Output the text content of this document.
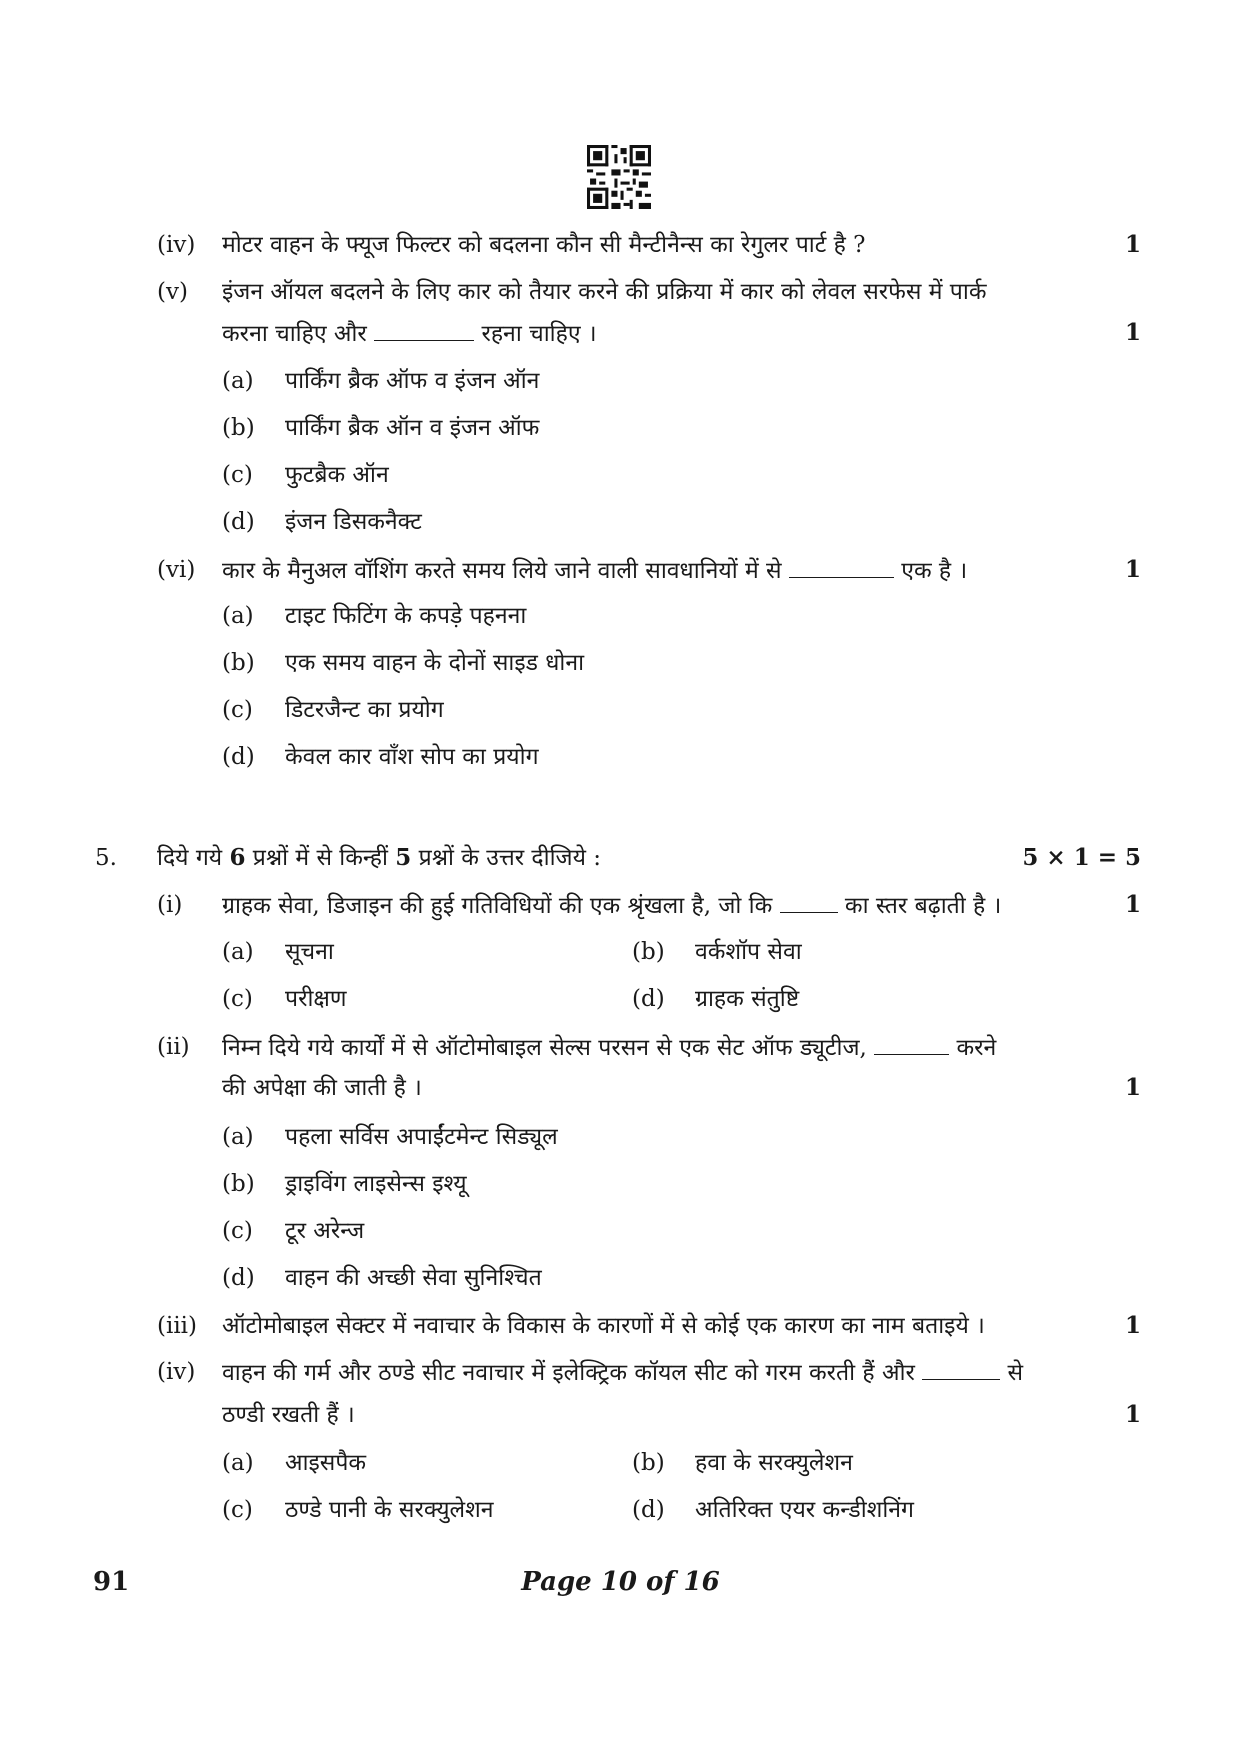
(iv) मोटर वाहन के फ्यूज फिल्टर को बदलना कौन सी मैन्टीनैन्स का रेगुलर पार्ट है ?	1
(v) इंजन ऑयल बदलने के लिए कार को तैयार करने की प्रक्रिया में कार को लेवल सरफेस में पार्क
करना चाहिए और	रहना चाहिए ।	1
(a) पार्किंग ब्रैक ऑफ व इंजन ऑन
(b) पार्किंग ब्रैक ऑन व इंजन ऑफ
(c) फुटब्रैक ऑन
(d) इंजन डिसकनैक्ट
(vi) कार के मैनुअल वॉशिंग करते समय लिये जाने वाली सावधानियों में से	एक है ।	1
(a) टाइट फिटिंग के कपड़े पहनना
(b) एक समय वाहन के दोनों साइड धोना
(c) डिटरजैन्ट का प्रयोग
(d) केवल कार वाँश सोप का प्रयोग
5. दिये गये 6 प्रश्नों में से किन्हीं 5 प्रश्नों के उत्तर दीजिये :	5 × 1 = 5
(i) ग्राहक सेवा, डिजाइन की हुई गतिविधियों की एक श्रृंखला है, जो कि	का स्तर बढ़ाती है ।	1
(a) सूचना	(b) वर्कशॉप सेवा
(c) परीक्षण	(d) ग्राहक संतुष्टि
(ii) निम्न दिये गये कार्यों में से ऑटोमोबाइल सेल्स परसन से एक सेट ऑफ ड्यूटीज,	करने
की अपेक्षा की जाती है ।	1
(a) पहला सर्विस अपाईंटमेन्ट सिड्यूल
(b) ड्राइविंग लाइसेन्स इश्यू
(c) टूर अरेन्ज
(d) वाहन की अच्छी सेवा सुनिश्चित
(iii) ऑटोमोबाइल सेक्टर में नवाचार के विकास के कारणों में से कोई एक कारण का नाम बताइये ।	1
(iv) वाहन की गर्म और ठण्डे सीट नवाचार में इलेक्ट्रिक कॉयल सीट को गरम करती हैं और	से
ठण्डी रखती हैं ।	1
(a) आइसपैक	(b) हवा के सरक्युलेशन
(c) ठण्डे पानी के सरक्युलेशन	(d) अतिरिक्त एयर कन्डीशनिंग
91	Page 10 of 16
